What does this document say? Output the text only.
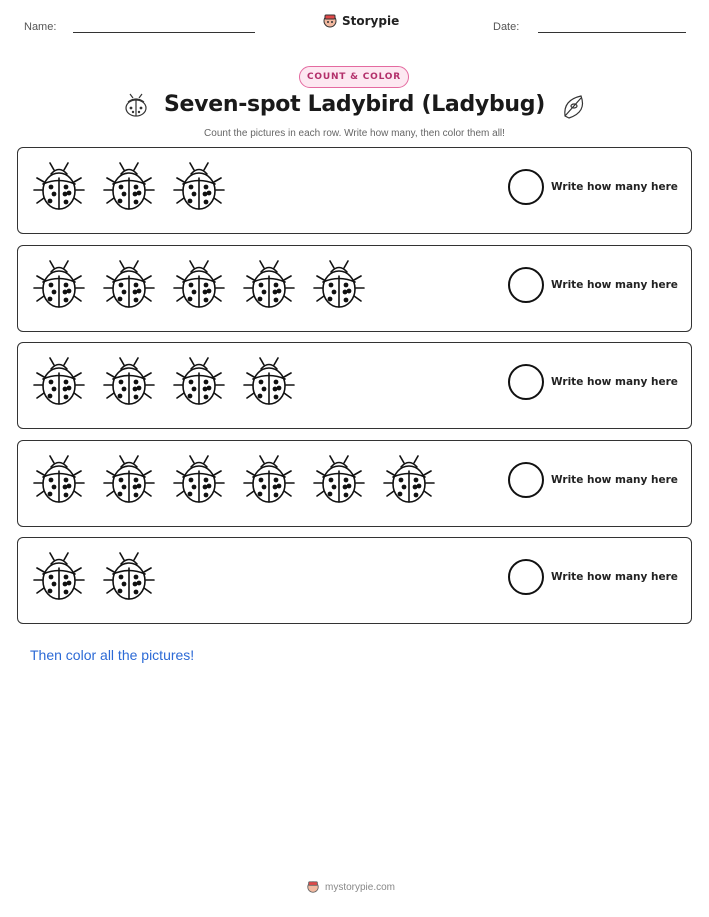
Name:	Storypie	Date:
COUNT & COLOR
Seven-spot Ladybird (Ladybug)
Count the pictures in each row. Write how many, then color them all!
Write how many here
Write how many here
Write how many here
Write how many here
Write how many here
Then color all the pictures!
mystorypie.com
